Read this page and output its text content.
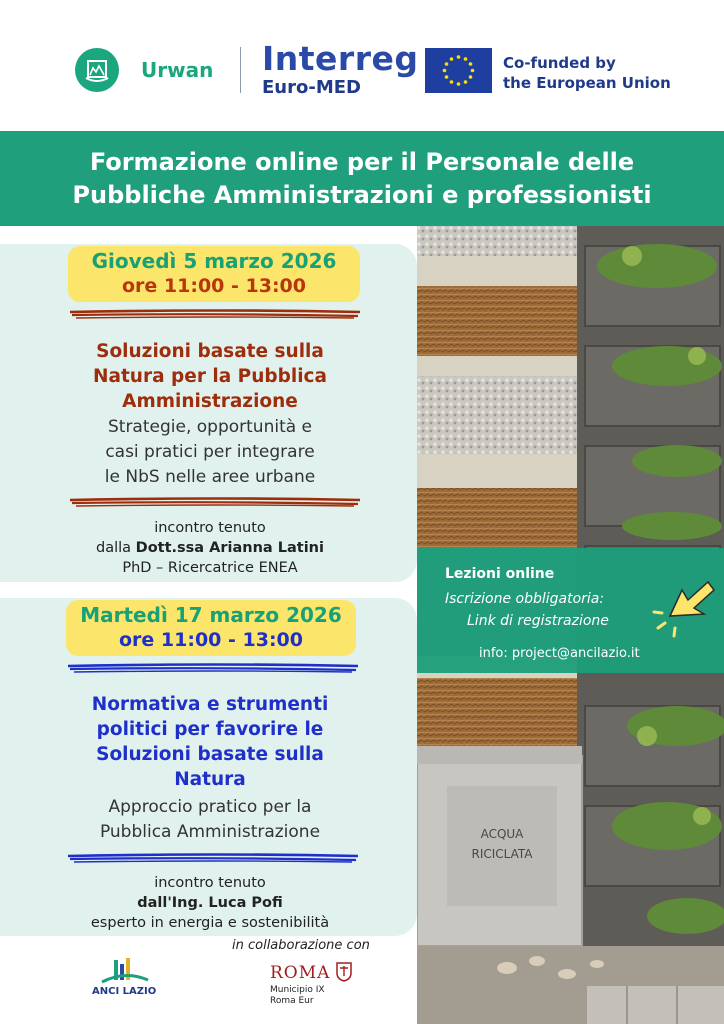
Urwan Interreg
Euro-MED
Co-funded by
the European Union
Formazione online per il Personale delle
Pubbliche Amministrazioni e professionisti
ACQUA
RICICLATA
Giovedì 5 marzo 2026
ore 11:00 - 13:00
Soluzioni basate sulla
Natura per la Pubblica
Amministrazione
Strategie, opportunità e
casi pratici per integrare
le NbS nelle aree urbane
incontro tenuto
dalla Dott.ssa Arianna Latini
PhD – Ricercatrice ENEA
Martedì 17 marzo 2026
ore 11:00 - 13:00
Normativa e strumenti
politici per favorire le
Soluzioni basate sulla
Natura
Approccio pratico per la
Pubblica Amministrazione
incontro tenuto
dall'Ing. Luca Pofi
esperto in energia e sostenibilità
Lezioni online
Iscrizione obbligatoria:
Link di registrazione
info: project@ancilazio.it
in collaborazione con
ANCI LAZIO
ROMA
Municipio IX
Roma Eur
